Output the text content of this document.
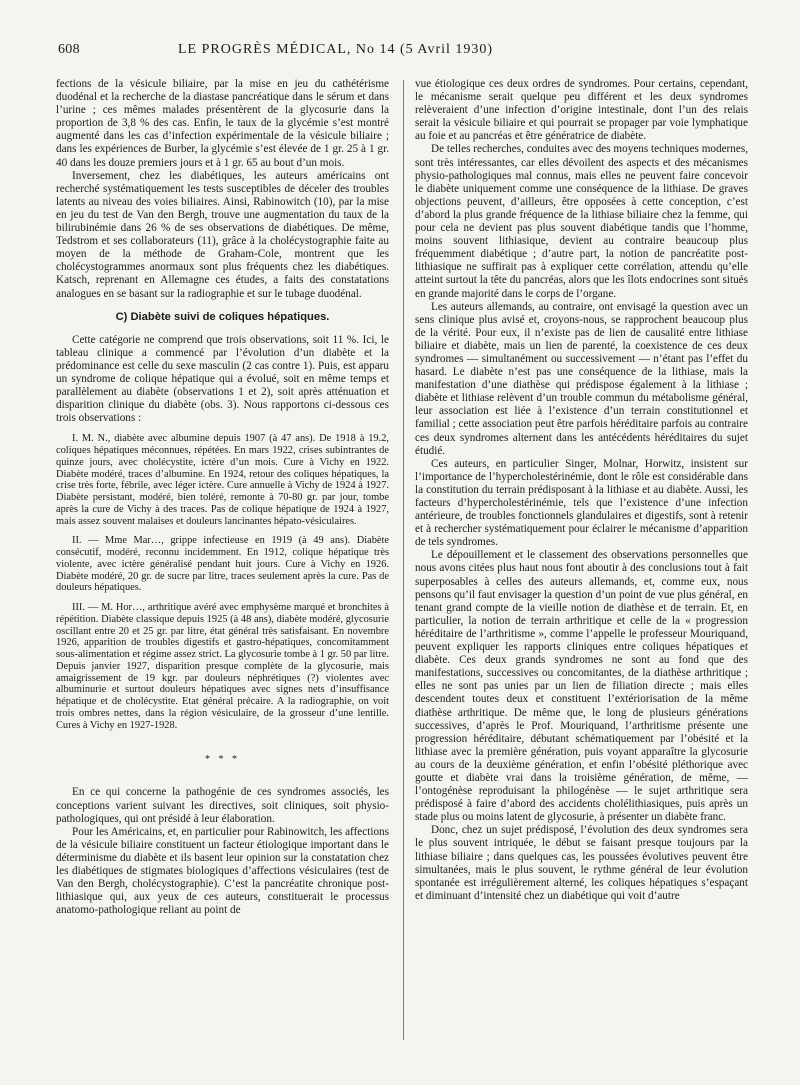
608	LE PROGRÈS MÉDICAL, No 14 (5 Avril 1930)

fections de la vésicule biliaire, par la mise en jeu du cathétérisme duodénal et la recherche de la diastase pancréatique dans le sérum et dans l’urine ; ces mêmes malades présentèrent de la glycosurie dans la proportion de 3,8 % des cas. Enfin, le taux de la glycémie s’est montré augmenté dans les cas d’infection expérimentale de la vésicule biliaire ; dans les expériences de Burber, la glycémie s’est élevée de 1 gr. 25 à 1 gr. 40 dans les douze premiers jours et à 1 gr. 65 au bout d’un mois.

Inversement, chez les diabétiques, les auteurs américains ont recherché systématiquement les tests susceptibles de déceler des troubles latents au niveau des voies biliaires. Ainsi, Rabinowitch (10), par la mise en jeu du test de Van den Bergh, trouve une augmentation du taux de la bilirubinémie dans 26 % de ses observations de diabétiques. De même, Tedstrom et ses collaborateurs (11), grâce à la cholécystographie faite au moyen de la méthode de Graham-Cole, montrent que les cholécystogrammes anormaux sont plus fréquents chez les diabétiques. Katsch, reprenant en Allemagne ces études, a faits des constatations analogues en se basant sur la radiographie et sur le tubage duodénal.

C) Diabète suivi de coliques hépatiques.

Cette catégorie ne comprend que trois observations, soit 11 %. Ici, le tableau clinique a commencé par l’évolution d’un diabète et la prédominance est celle du sexe masculin (2 cas contre 1). Puis, est apparu un syndrome de colique hépatique qui a évolué, soit en même temps et parallèlement au diabète (observations 1 et 2), soit après atténuation et disparition clinique du diabète (obs. 3). Nous rapportons ci-dessous ces trois observations :

I. M. N., diabète avec albumine depuis 1907 (à 47 ans). De 1918 à 19.2, coliques hépatiques méconnues, répétées. En mars 1922, crises subintrantes de quinze jours, avec cholécystite, ictère d’un mois. Cure à Vichy en 1922. Diabète modéré, traces d’albumine. En 1924, retour des coliques hépatiques, la crise très forte, fébrile, avec léger ictère. Cure annuelle à Vichy de 1924 à 1927. Diabète persistant, modéré, bien toléré, remonte à 70-80 gr. par jour, tombe après la cure de Vichy à des traces. Pas de colique hépatique de 1924 à 1927, mais assez souvent malaises et douleurs lancinantes hépato-vésiculaires.

II. — Mme Mar…, grippe infectieuse en 1919 (à 49 ans). Diabète consécutif, modéré, reconnu incidemment. En 1912, colique hépatique très violente, avec ictère généralisé pendant huit jours. Cure à Vichy en 1926. Diabète modéré, 20 gr. de sucre par litre, traces seulement après la cure. Pas de douleurs hépatiques.

III. — M. Hor…, arthritique avéré avec emphysème marqué et bronchites à répétition. Diabète classique depuis 1925 (à 48 ans), diabète modéré, glycosurie oscillant entre 20 et 25 gr. par litre, état général très satisfaisant. En novembre 1926, apparition de troubles digestifs et gastro-hépatiques, concomitamment sous-alimentation et régime assez strict. La glycosurie tombe à 1 gr. 50 par litre. Depuis janvier 1927, disparition presque complète de la glycosurie, mais amaigrissement de 19 kgr. par douleurs néphrétiques (?) violentes avec albuminurie et surtout douleurs hépatiques avec signes nets d’insuffisance hépatique et de cholécystite. Etat général précaire. A la radiographie, on voit trois ombres nettes, dans la région vésiculaire, de la grosseur d’une lentille. Cures à Vichy en 1927-1928.

* * *

En ce qui concerne la pathogénie de ces syndromes associés, les conceptions varient suivant les directives, soit cliniques, soit physio-pathologiques, qui ont présidé à leur élaboration.

Pour les Américains, et, en particulier pour Rabinowitch, les affections de la vésicule biliaire constituent un facteur étiologique important dans le déterminisme du diabète et ils basent leur opinion sur la constatation chez les diabétiques de stigmates biologiques d’affections vésiculaires (test de Van den Bergh, cholécystographie). C’est la pancréatite chronique post-lithiasique qui, aux yeux de ces auteurs, constituerait le processus anatomo-pathologique reliant au point de

vue étiologique ces deux ordres de syndromes. Pour certains, cependant, le mécanisme serait quelque peu différent et les deux syndromes relèveraient d’une infection d’origine intestinale, dont l’un des relais serait la vésicule biliaire et qui pourrait se propager par voie lymphatique au foie et au pancréas et être génératrice de diabète.

De telles recherches, conduites avec des moyens techniques modernes, sont très intéressantes, car elles dévoilent des aspects et des mécanismes physio-pathologiques mal connus, mais elles ne peuvent faire concevoir le diabète uniquement comme une conséquence de la lithiase. De graves objections peuvent, d’ailleurs, être opposées à cette conception, c’est d’abord la plus grande fréquence de la lithiase biliaire chez la femme, qui pour cela ne devient pas plus souvent diabétique tandis que l’homme, moins souvent lithiasique, devient au contraire beaucoup plus fréquemment diabétique ; d’autre part, la notion de pancréatite post-lithiasique ne suffirait pas à expliquer cette corrélation, attendu qu’elle atteint surtout la tête du pancréas, alors que les îlots endocrines sont situés en grande majorité dans le corps de l’organe.

Les auteurs allemands, au contraire, ont envisagé la question avec un sens clinique plus avisé et, croyons-nous, se rapprochent beaucoup plus de la vérité. Pour eux, il n’existe pas de lien de causalité entre lithiase biliaire et diabète, mais un lien de parenté, la coexistence de ces deux syndromes — simultanément ou successivement — n’étant pas l’effet du hasard. Le diabète n’est pas une conséquence de la lithiase, mais la manifestation d’une diathèse qui prédispose également à la lithiase ; diabète et lithiase relèvent d’un trouble commun du métabolisme général, leur association est liée à l’existence d’un terrain constitutionnel et familial ; cette association peut être parfois héréditaire parfois au contraire ces deux syndromes alternent dans les antécédents héréditaires du sujet étudié.

Ces auteurs, en particulier Singer, Molnar, Horwitz, insistent sur l’importance de l’hypercholestérinémie, dont le rôle est considérable dans la constitution du terrain prédisposant à la lithiase et au diabète. Aussi, les facteurs d’hypercholestérinémie, tels que l’existence d’une infection antérieure, de troubles fonctionnels glandulaires et digestifs, sont à retenir et à rechercher systématiquement pour éclairer le mécanisme d’apparition de tels syndromes.

Le dépouillement et le classement des observations personnelles que nous avons citées plus haut nous font aboutir à des conclusions tout à fait superposables à celles des auteurs allemands, et, comme eux, nous pensons qu’il faut envisager la question d’un point de vue plus général, en tenant grand compte de la vieille notion de diathèse et de terrain. Et, en particulier, la notion de terrain arthritique et celle de la « progression héréditaire de l’arthritisme », comme l’appelle le professeur Mouriquand, peuvent expliquer les rapports cliniques entre coliques hépatiques et diabète. Ces deux grands syndromes ne sont au fond que des manifestations, successives ou concomitantes, de la diathèse arthritique ; elles ne sont pas unies par un lien de filiation directe ; mais elles descendent toutes deux et constituent l’extériorisation de la même diathèse arthritique. De même que, le long de plusieurs générations successives, d’après le Prof. Mouriquand, l’arthritisme présente une progression héréditaire, débutant schématiquement par l’obésité et la lithiase avec la première génération, puis voyant apparaître la glycosurie au cours de la deuxième génération, et enfin l’obésité pléthorique avec goutte et diabète vrai dans la troisième génération, de même, — l’ontogénèse reproduisant la philogénèse — le sujet arthritique sera prédisposé à faire d’abord des accidents cholélithiasiques, puis après un stade plus ou moins latent de glycosurie, à présenter un diabète franc.

Donc, chez un sujet prédisposé, l’évolution des deux syndromes sera le plus souvent intriquée, le début se faisant presque toujours par la lithiase biliaire ; dans quelques cas, les poussées évolutives peuvent être simultanées, mais le plus souvent, le rythme général de leur évolution spontanée est irrégulièrement alterné, les coliques hépatiques s’espaçant et diminuant d’intensité chez un diabétique qui voit d’autre
